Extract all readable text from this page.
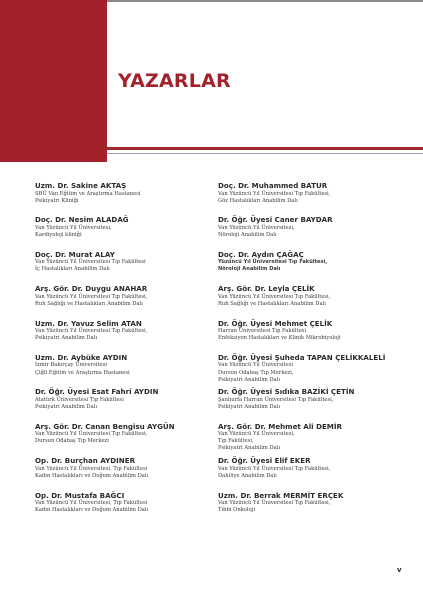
YAZARLAR
Uzm. Dr. Sakine AKTAŞ
SBÜ Van Eğitim ve Araştırma Hastanesi
Psikiyatri Kliniği
Doç. Dr. Nesim ALADAĞ
Van Yüzüncü Yıl Üniversitesi,
Kardiyoloji kliniği
Doç. Dr. Murat ALAY
Van Yüzüncü Yıl Üniversitesi Tıp Fakültesi
İç Hastalıkları Anabilim Dalı
Arş. Gör. Dr. Duygu ANAHAR
Van Yüzüncü Yıl Üniversitesi Tıp Fakültesi,
Ruh Sağlığı ve Hastalıkları Anabilim Dalı
Uzm. Dr. Yavuz Selim ATAN
Van Yüzüncü Yıl Üniversitesi Tıp Fakültesi,
Psikiyatri Anabilim Dalı
Uzm. Dr. Aybüke AYDIN
İzmir Bakırçay Üniversitesi
Çiğli Eğitim ve Araştırma Hastanesi
Dr. Öğr. Üyesi Esat Fahri AYDIN
Atatürk Üniversitesi Tıp Fakültesi
Psikiyatri Anabilim Dalı
Arş. Gör. Dr. Canan Bengisu AYGÜN
Van Yüzüncü Yıl Üniversitesi Tıp Fakültesi,
Dursun Odabaş Tıp Merkezi
Op. Dr. Burçhan AYDINER
Van Yüzüncü Yıl Üniversitesi, Tıp Fakültesi
Kadın Hastalıkları ve Doğum Anabilim Dalı
Op. Dr. Mustafa BAĞCI
Van Yüzüncü Yıl Üniversitesi, Tıp Fakültesi
Kadın Hastalıkları ve Doğum Anabilim Dalı
Doç. Dr. Muhammed BATUR
Van Yüzüncü Yıl Üniversitesi Tıp Fakültesi,
Göz Hastalıkları Anabilim Dalı
Dr. Öğr. Üyesi Caner BAYDAR
Van Yüzüncü Yıl Üniversitesi,
Nöroloji Anabilim Dalı
Doç. Dr. Aydın ÇAĞAÇ
Yüzüncü Yıl Üniversitesi Tıp Fakültesi,
Nöroloji Anabilim Dalı
Arş. Gör. Dr. Leyla ÇELİK
Van Yüzüncü Yıl Üniversitesi Tıp Fakültesi,
Ruh Sağlığı ve Hastalıkları Anabilim Dalı
Dr. Öğr. Üyesi Mehmet ÇELİK
Harran Üniversitesi Tıp Fakültesi
Enfeksiyon Hastalıkları ve Klinik Mikrobiyoloji
Dr. Öğr. Üyesi Şuheda TAPAN ÇELİKKALELİ
Van Yüzüncü Yıl Üniversitesi
Dursun Odabaş Tıp Merkezi,
Psikiyatri Anabilim Dalı
Dr. Öğr. Üyesi Sıdıka BAZİKİ ÇETİN
Şanlıurfa Harran Üniversitesi Tıp Fakültesi,
Psikiyatri Anabilim Dalı
Arş. Gör. Dr. Mehmet Ali DEMİR
Van Yüzüncü Yıl Üniversitesi,
Tıp Fakültesi,
Psikiyatri Anabilim Dalı
Dr. Öğr. Üyesi Elif EKER
Van Yüzüncü Yıl Üniversitesi Tıp Fakültesi,
Dahiliye Anabilim Dalı
Uzm. Dr. Berrak MERMİT ERÇEK
Van Yüzüncü Yıl Üniversitesi Tıp Fakültesi,
Tıbbi Onkoloji
v
